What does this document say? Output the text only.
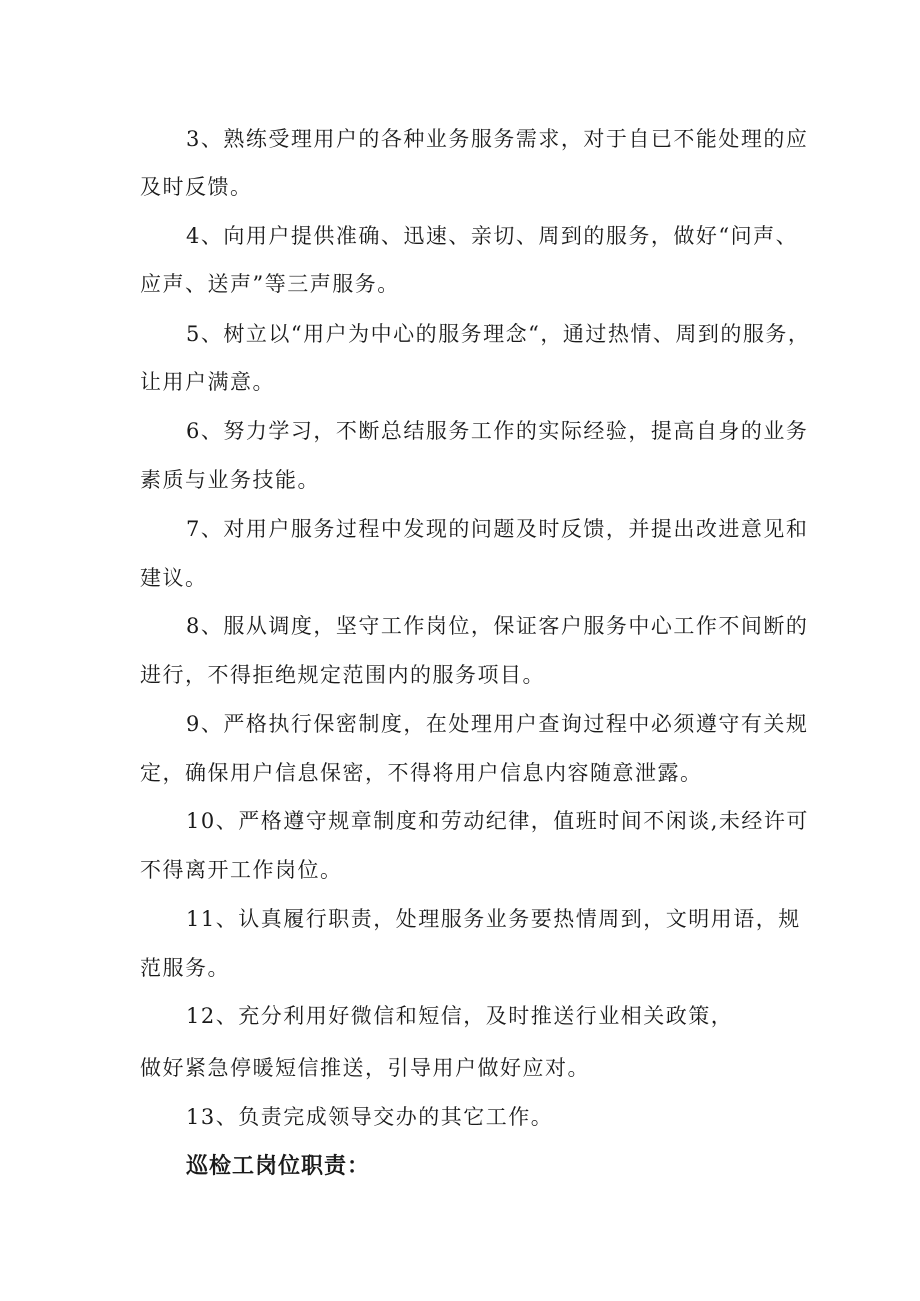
3、熟练受理用户的各种业务服务需求，对于自已不能处理的应
及时反馈。
4、向用户提供准确、迅速、亲切、周到的服务，做好“问声、
应声、送声”等三声服务。
5、树立以“用户为中心的服务理念“，通过热情、周到的服务，
让用户满意。
6、努力学习，不断总结服务工作的实际经验，提高自身的业务
素质与业务技能。
7、对用户服务过程中发现的问题及时反馈，并提出改进意见和
建议。
8、服从调度，坚守工作岗位，保证客户服务中心工作不间断的
进行，不得拒绝规定范围内的服务项目。
9、严格执行保密制度，在处理用户查询过程中必须遵守有关规
定，确保用户信息保密，不得将用户信息内容随意泄露。
10、严格遵守规章制度和劳动纪律，值班时间不闲谈,未经许可
不得离开工作岗位。
11、认真履行职责，处理服务业务要热情周到，文明用语，规
范服务。
12、充分利用好微信和短信，及时推送行业相关政策，
做好紧急停暖短信推送，引导用户做好应对。
13、负责完成领导交办的其它工作。
巡检工岗位职责：
